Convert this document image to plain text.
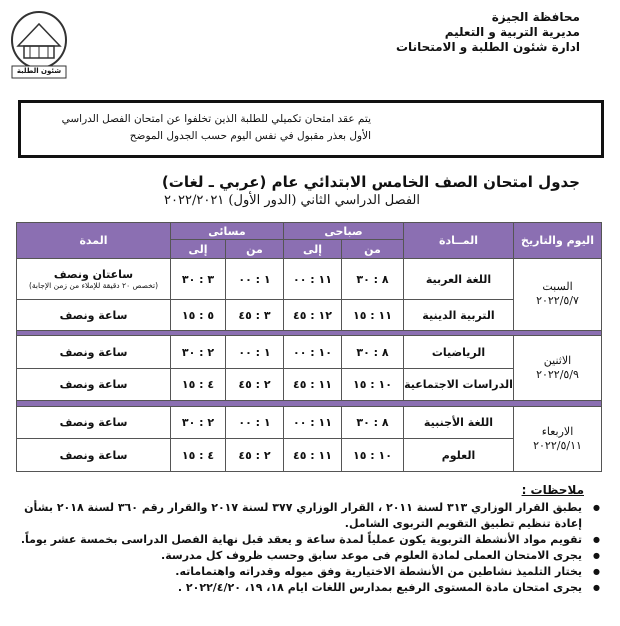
شئون الطلبة
محافظة الجيزة
مديرية التربية و التعليم
ادارة شئون الطلبة و الامتحانات

يتم عقد امتحان تكميلي للطلبة الذين تخلفوا عن امتحان الفصل الدراسي الأول بعذر مقبول في نفس اليوم حسب الجدول الموضح

جدول امتحان الصف الخامس الابتدائي عام (عربي ـ لغات)
الفصل الدراسي الثاني (الدور الأول) ٢٠٢٢/٢٠٢١
اليوم والتاريخ	المــادة	صباحى		مسائى		المدة
		من	إلى	من	إلى	
السبت
٢٠٢٢/٥/٧	اللغة العربية	٨ : ٣٠	١١ : ٠٠	١ : ٠٠	٣ : ٣٠	ساعتان ونصف
(تخصص ٢٠ دقيقة للإملاء من زمن الإجابة)

	التربية الدينية	١١ : ١٥	١٢ : ٤٥	٣ : ٤٥	٥ : ١٥	ساعة ونصف

الاثنين
٢٠٢٢/٥/٩	الرياضيات	٨ : ٣٠	١٠ : ٠٠	١ : ٠٠	٢ : ٣٠	ساعة ونصف
	الدراسات الاجتماعية	١٠ : ١٥	١١ : ٤٥	٢ : ٤٥	٤ : ١٥	ساعة ونصف

الاربعاء
٢٠٢٢/٥/١١	اللغة الأجنبية	٨ : ٣٠	١١ : ٠٠	١ : ٠٠	٢ : ٣٠	ساعة ونصف
	العلوم	١٠ : ١٥	١١ : ٤٥	٢ : ٤٥	٤ : ١٥	ساعة ونصف
ملاحظات :
● يطبق القرار الوزاري ٣١٣ لسنة ٢٠١١ ، القرار الوزاري ٣٧٧ لسنة ٢٠١٧ والقرار رقم ٣٦٠ لسنة ٢٠١٨ بشأن إعادة تنظيم تطبيق التقويم التربوى الشامل.
● تقويم مواد الأنشطة التربوية يكون عملياً لمدة ساعة و يعقد قبل نهاية الفصل الدراسى بخمسة عشر يوماً.
● يجرى الامتحان العملى لمادة العلوم فى موعد سابق وحسب ظروف كل مدرسة.
● يختار التلميذ نشاطين من الأنشطة الاختيارية وفق ميوله وقدراته واهتماماته.
● يجرى امتحان مادة المستوى الرفيع بمدارس اللغات ايام ١٨، ١٩، ٢٠٢٢/٤/٢٠ .
